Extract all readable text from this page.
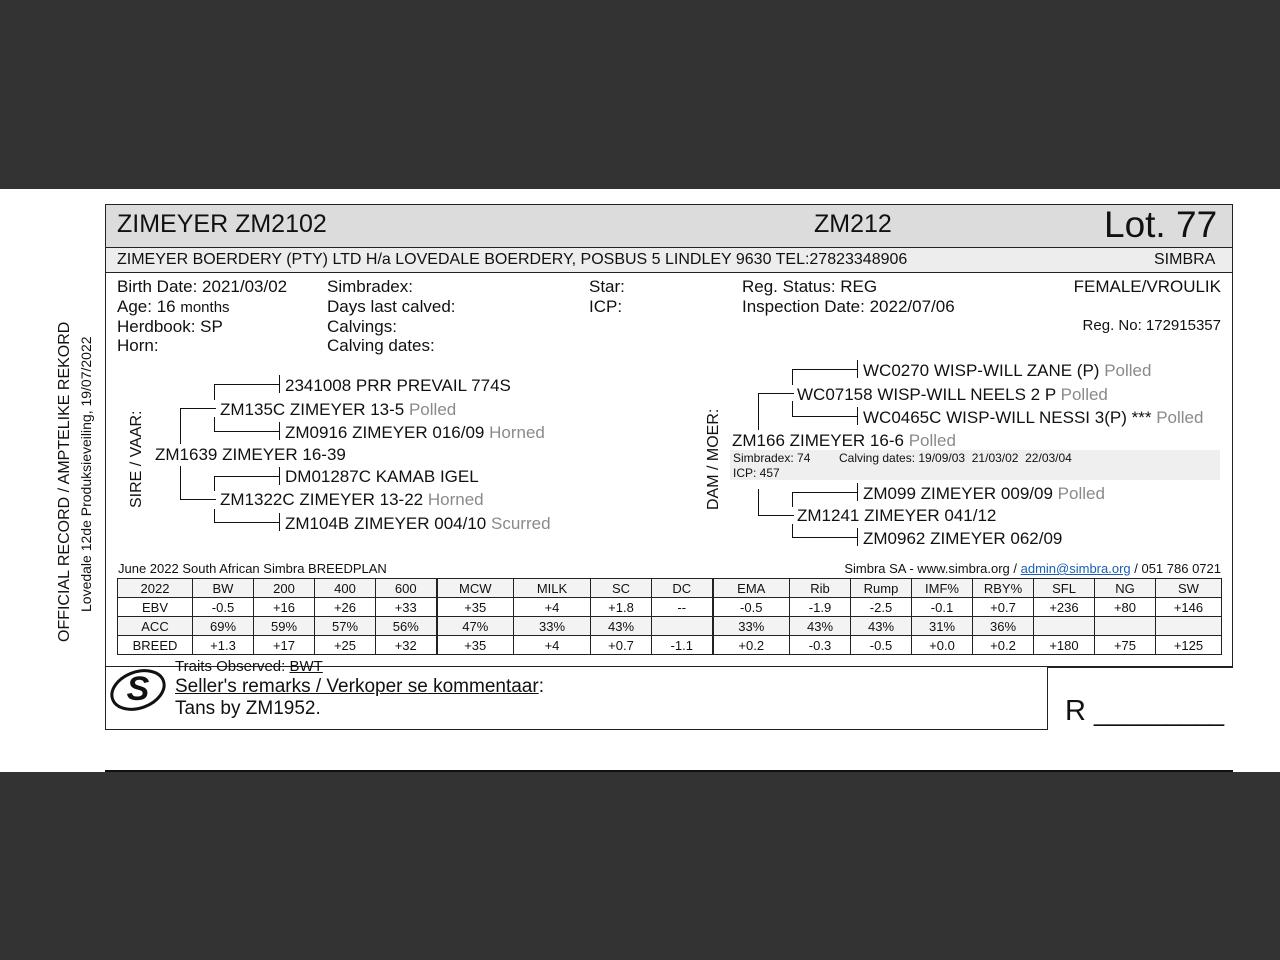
OFFICIAL RECORD / AMPTELIKE REKORD Lovedale 12de Produksieveiling, 19/07/2022
ZIMEYER ZM2102	ZM212	Lot. 77
ZIMEYER BOERDERY (PTY) LTD H/a LOVEDALE BOERDERY, POSBUS 5 LINDLEY 9630 TEL:27823348906	SIMBRA
Birth Date: 2021/03/02
Age: 16 months
Herdbook: SP
Horn:
Simbradex:
Days last calved:
Calvings:
Calving dates:
Star:
ICP:
Reg. Status: REG
Inspection Date: 2022/07/06
FEMALE/VROULIK
Reg. No: 172915357
SIRE / VAAR:
2341008 PRR PREVAIL 774S
ZM135C ZIMEYER 13-5 Polled
ZM0916 ZIMEYER 016/09 Horned
ZM1639 ZIMEYER 16-39
DM01287C KAMAB IGEL
ZM1322C ZIMEYER 13-22 Horned
ZM104B ZIMEYER 004/10 Scurred
DAM / MOER:
WC0270 WISP-WILL ZANE (P) Polled
WC07158 WISP-WILL NEELS 2 P Polled
WC0465C WISP-WILL NESSI 3(P) *** Polled
ZM166 ZIMEYER 16-6 Polled
Simbradex: 74 Calving dates: 19/09/03  21/03/02  22/03/04
ICP: 457
ZM099 ZIMEYER 009/09 Polled
ZM1241 ZIMEYER 041/12
ZM0962 ZIMEYER 062/09
June 2022 South African Simbra BREEDPLAN	Simbra SA - www.simbra.org / admin@simbra.org / 051 786 0721
2022	BW	200	400	600	MCW	MILK	SC	DC	EMA	Rib	Rump	IMF%	RBY%	SFL	NG	SW
EBV	-0.5	+16	+26	+33	+35	+4	+1.8	--	-0.5	-1.9	-2.5	-0.1	+0.7	+236	+80	+146
ACC	69%	59%	57%	56%	47%	33%	43%		33%	43%	43%	31%	36%			
BREED	+1.3	+17	+25	+32	+35	+4	+0.7	-1.1	+0.2	-0.3	-0.5	+0.0	+0.2	+180	+75	+125
S
Traits Observed: BWT
Seller's remarks / Verkoper se kommentaar:
Tans by ZM1952.	R _________
